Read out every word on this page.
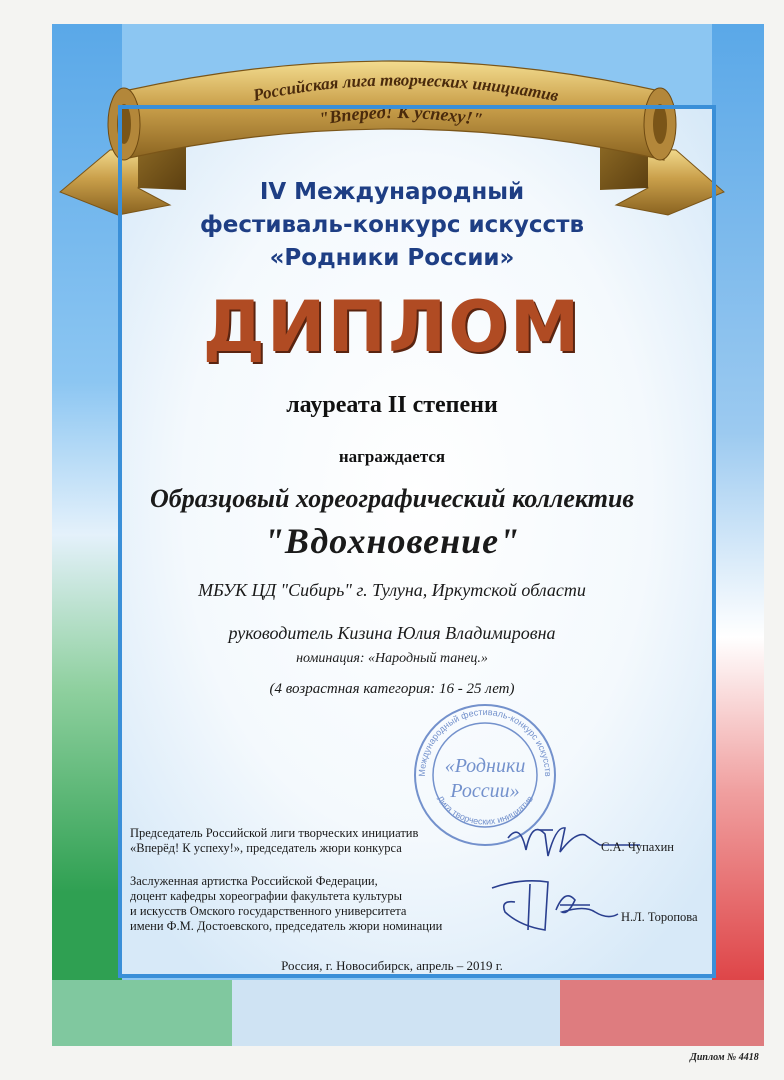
Российская лига творческих инициатив
"Вперёд! К успеху!"
Международный фестиваль-конкурс искусств
Лига творческих инициатив
«Родники
России»
IV Международный
фестиваль-конкурс искусств
«Родники России»
ДИПЛОМ
лауреата II степени
награждается
Образцовый хореографический коллектив
"Вдохновение"
МБУК ЦД "Сибирь" г. Тулуна, Иркутской области
руководитель Кизина Юлия Владимировна
номинация: «Народный танец.»
(4 возрастная категория: 16 - 25 лет)
Председатель Российской лиги творческих инициатив
«Вперёд! К успеху!», председатель жюри конкурса	С.А. Чупахин
Заслуженная артистка Российской Федерации,
доцент кафедры хореографии факультета культуры
и искусств Омского государственного университета
имени Ф.М. Достоевского, председатель жюри номинации
Н.Л. Торопова
Россия, г. Новосибирск, апрель – 2019 г.
Диплом № 4418
